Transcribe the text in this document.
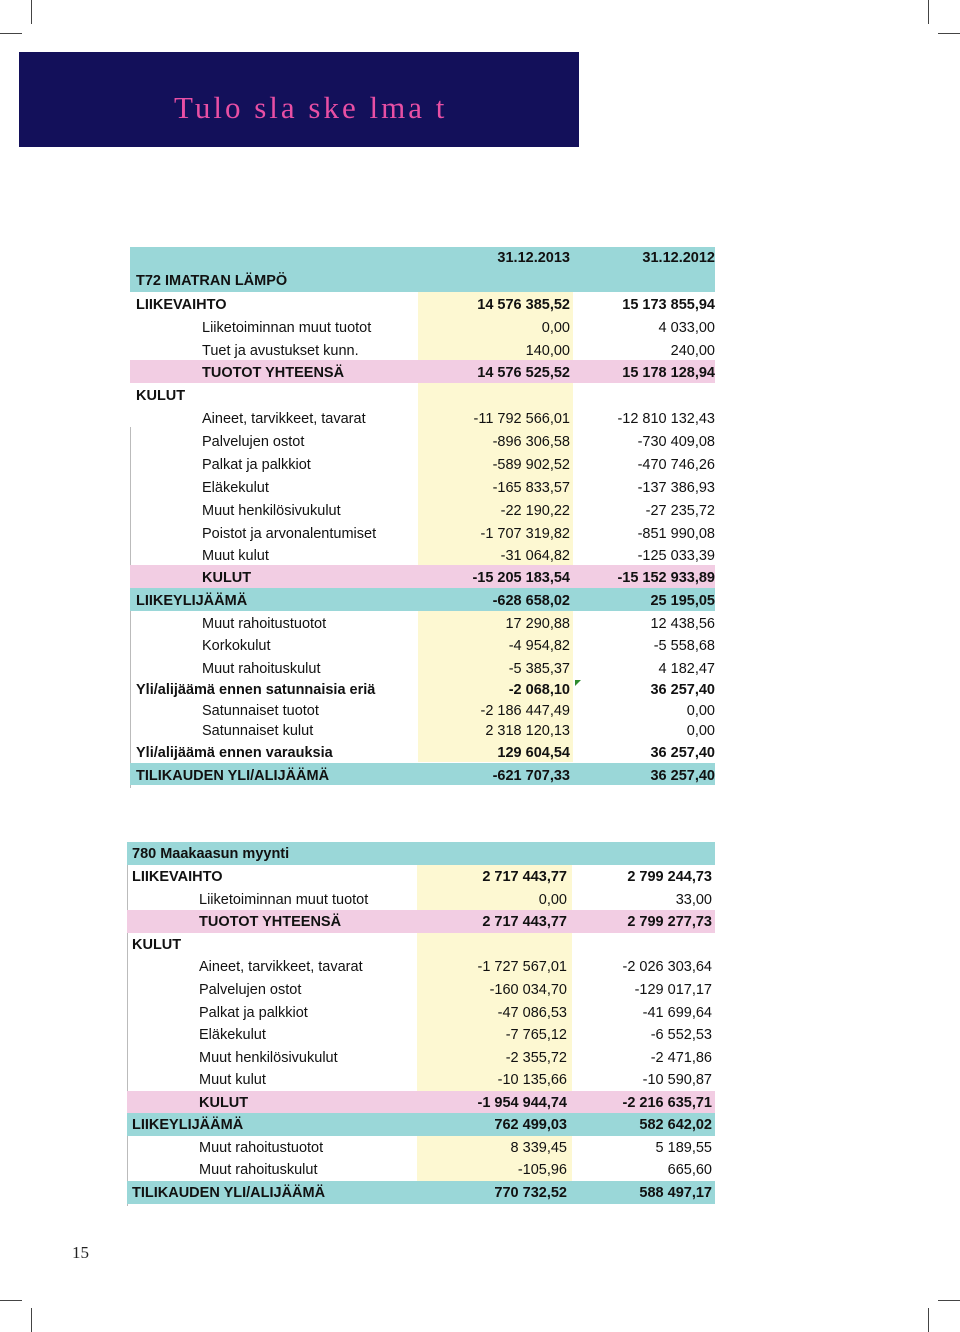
Tulo sla ske lma t
31.12.2013	31.12.2012
T72 IMATRAN LÄMPÖ
LIIKEVAIHTO	14 576 385,52	15 173 855,94
Liiketoiminnan muut tuotot	0,00	4 033,00
Tuet ja avustukset kunn.	140,00	240,00
TUOTOT YHTEENSÄ	14 576 525,52	15 178 128,94
KULUT
Aineet, tarvikkeet, tavarat	-11 792 566,01	-12 810 132,43
Palvelujen ostot	-896 306,58	-730 409,08
Palkat ja palkkiot	-589 902,52	-470 746,26
Eläkekulut	-165 833,57	-137 386,93
Muut henkilösivukulut	-22 190,22	-27 235,72
Poistot ja arvonalentumiset	-1 707 319,82	-851 990,08
Muut kulut	-31 064,82	-125 033,39
KULUT	-15 205 183,54	-15 152 933,89
LIIKEYLIJÄÄMÄ	-628 658,02	25 195,05
Muut rahoitustuotot	17 290,88	12 438,56
Korkokulut	-4 954,82	-5 558,68
Muut rahoituskulut	-5 385,37	4 182,47
Yli/alijäämä ennen satunnaisia eriä	-2 068,10	36 257,40
Satunnaiset tuotot	-2 186 447,49	0,00
Satunnaiset kulut	2 318 120,13	0,00
Yli/alijäämä ennen varauksia	129 604,54	36 257,40
TILIKAUDEN YLI/ALIJÄÄMÄ	-621 707,33	36 257,40
780 Maakaasun myynti
LIIKEVAIHTO	2 717 443,77	2 799 244,73
Liiketoiminnan muut tuotot	0,00	33,00
TUOTOT YHTEENSÄ	2 717 443,77	2 799 277,73
KULUT
Aineet, tarvikkeet, tavarat	-1 727 567,01	-2 026 303,64
Palvelujen ostot	-160 034,70	-129 017,17
Palkat ja palkkiot	-47 086,53	-41 699,64
Eläkekulut	-7 765,12	-6 552,53
Muut henkilösivukulut	-2 355,72	-2 471,86
Muut kulut	-10 135,66	-10 590,87
KULUT	-1 954 944,74	-2 216 635,71
LIIKEYLIJÄÄMÄ	762 499,03	582 642,02
Muut rahoitustuotot	8 339,45	5 189,55
Muut rahoituskulut	-105,96	665,60
TILIKAUDEN YLI/ALIJÄÄMÄ	770 732,52	588 497,17
15
